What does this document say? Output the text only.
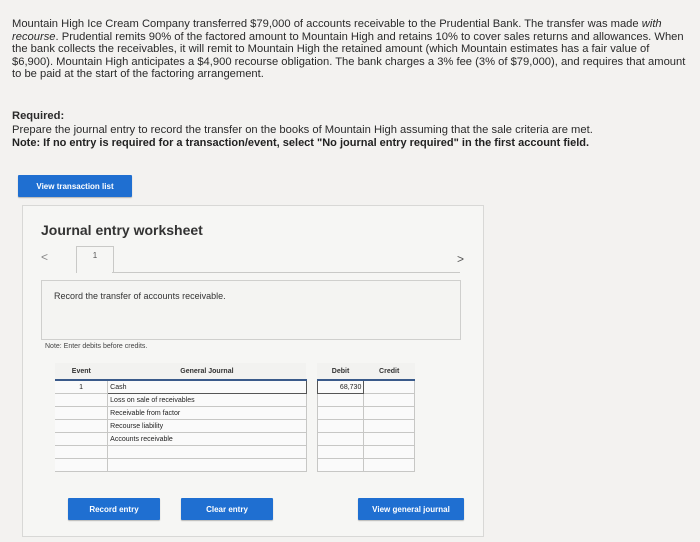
Mountain High Ice Cream Company transferred $79,000 of accounts receivable to the Prudential Bank. The transfer was made with recourse. Prudential remits 90% of the factored amount to Mountain High and retains 10% to cover sales returns and allowances. When the bank collects the receivables, it will remit to Mountain High the retained amount (which Mountain estimates has a fair value of $6,900). Mountain High anticipates a $4,900 recourse obligation. The bank charges a 3% fee (3% of $79,000), and requires that amount to be paid at the start of the factoring arrangement.
Required:
Prepare the journal entry to record the transfer on the books of Mountain High assuming that the sale criteria are met.
Note: If no entry is required for a transaction/event, select "No journal entry required" in the first account field.
View transaction list
Journal entry worksheet
<	1	>
Record the transfer of accounts receivable.
Note: Enter debits before credits.
Event	General Journal		Debit	Credit
1	Cash		68,730	
	Loss on sale of receivables			
	Receivable from factor			
	Recourse liability			
	Accounts receivable			

Record entry	Clear entry	View general journal
